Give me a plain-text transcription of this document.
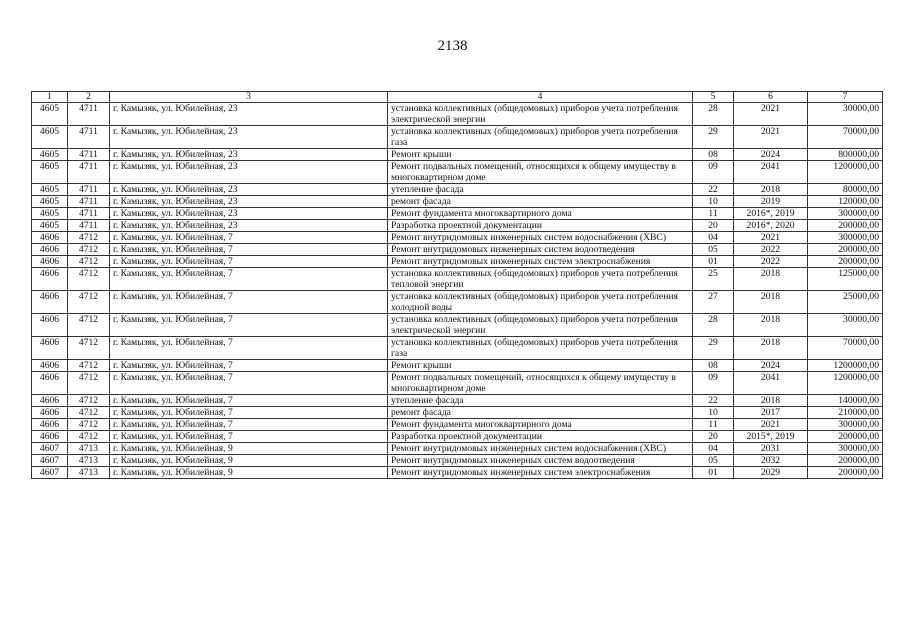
2138
1	2	3	4	5	6	7
4605	4711	г. Камызяк, ул. Юбилейная, 23	установка коллективных (общедомовых) приборов учета потребления электрической энергии	28	2021	30000,00
4605	4711	г. Камызяк, ул. Юбилейная, 23	установка коллективных (общедомовых) приборов учета потребления газа	29	2021	70000,00
4605	4711	г. Камызяк, ул. Юбилейная, 23	Ремонт крыши	08	2024	800000,00
4605	4711	г. Камызяк, ул. Юбилейная, 23	Ремонт подвальных помещений, относящихся к общему имуществу в многоквартирном доме	09	2041	1200000,00
4605	4711	г. Камызяк, ул. Юбилейная, 23	утепление фасада	22	2018	80000,00
4605	4711	г. Камызяк, ул. Юбилейная, 23	ремонт фасада	10	2019	120000,00
4605	4711	г. Камызяк, ул. Юбилейная, 23	Ремонт фундамента многоквартирного дома	11	2016*, 2019	300000,00
4605	4711	г. Камызяк, ул. Юбилейная, 23	Разработка проектной документации	20	2016*, 2020	200000,00
4606	4712	г. Камызяк, ул. Юбилейная, 7	Ремонт внутридомовых инженерных систем водоснабжения (ХВС)	04	2021	300000,00
4606	4712	г. Камызяк, ул. Юбилейная, 7	Ремонт внутридомовых инженерных систем водоотведения	05	2022	200000,00
4606	4712	г. Камызяк, ул. Юбилейная, 7	Ремонт внутридомовых инженерных систем электроснабжения	01	2022	200000,00
4606	4712	г. Камызяк, ул. Юбилейная, 7	установка коллективных (общедомовых) приборов учета потребления тепловой энергии	25	2018	125000,00
4606	4712	г. Камызяк, ул. Юбилейная, 7	установка коллективных (общедомовых) приборов учета потребления холодной воды	27	2018	25000,00
4606	4712	г. Камызяк, ул. Юбилейная, 7	установка коллективных (общедомовых) приборов учета потребления электрической энергии	28	2018	30000,00
4606	4712	г. Камызяк, ул. Юбилейная, 7	установка коллективных (общедомовых) приборов учета потребления газа	29	2018	70000,00
4606	4712	г. Камызяк, ул. Юбилейная, 7	Ремонт крыши	08	2024	1200000,00
4606	4712	г. Камызяк, ул. Юбилейная, 7	Ремонт подвальных помещений, относящихся к общему имуществу в многоквартирном доме	09	2041	1200000,00
4606	4712	г. Камызяк, ул. Юбилейная, 7	утепление фасада	22	2018	140000,00
4606	4712	г. Камызяк, ул. Юбилейная, 7	ремонт фасада	10	2017	210000,00
4606	4712	г. Камызяк, ул. Юбилейная, 7	Ремонт фундамента многоквартирного дома	11	2021	300000,00
4606	4712	г. Камызяк, ул. Юбилейная, 7	Разработка проектной документации	20	2015*, 2019	200000,00
4607	4713	г. Камызяк, ул. Юбилейная, 9	Ремонт внутридомовых инженерных систем водоснабжения (ХВС)	04	2031	300000,00
4607	4713	г. Камызяк, ул. Юбилейная, 9	Ремонт внутридомовых инженерных систем водоотведения	05	2032	200000,00
4607	4713	г. Камызяк, ул. Юбилейная, 9	Ремонт внутридомовых инженерных систем электроснабжения	01	2029	200000,00
